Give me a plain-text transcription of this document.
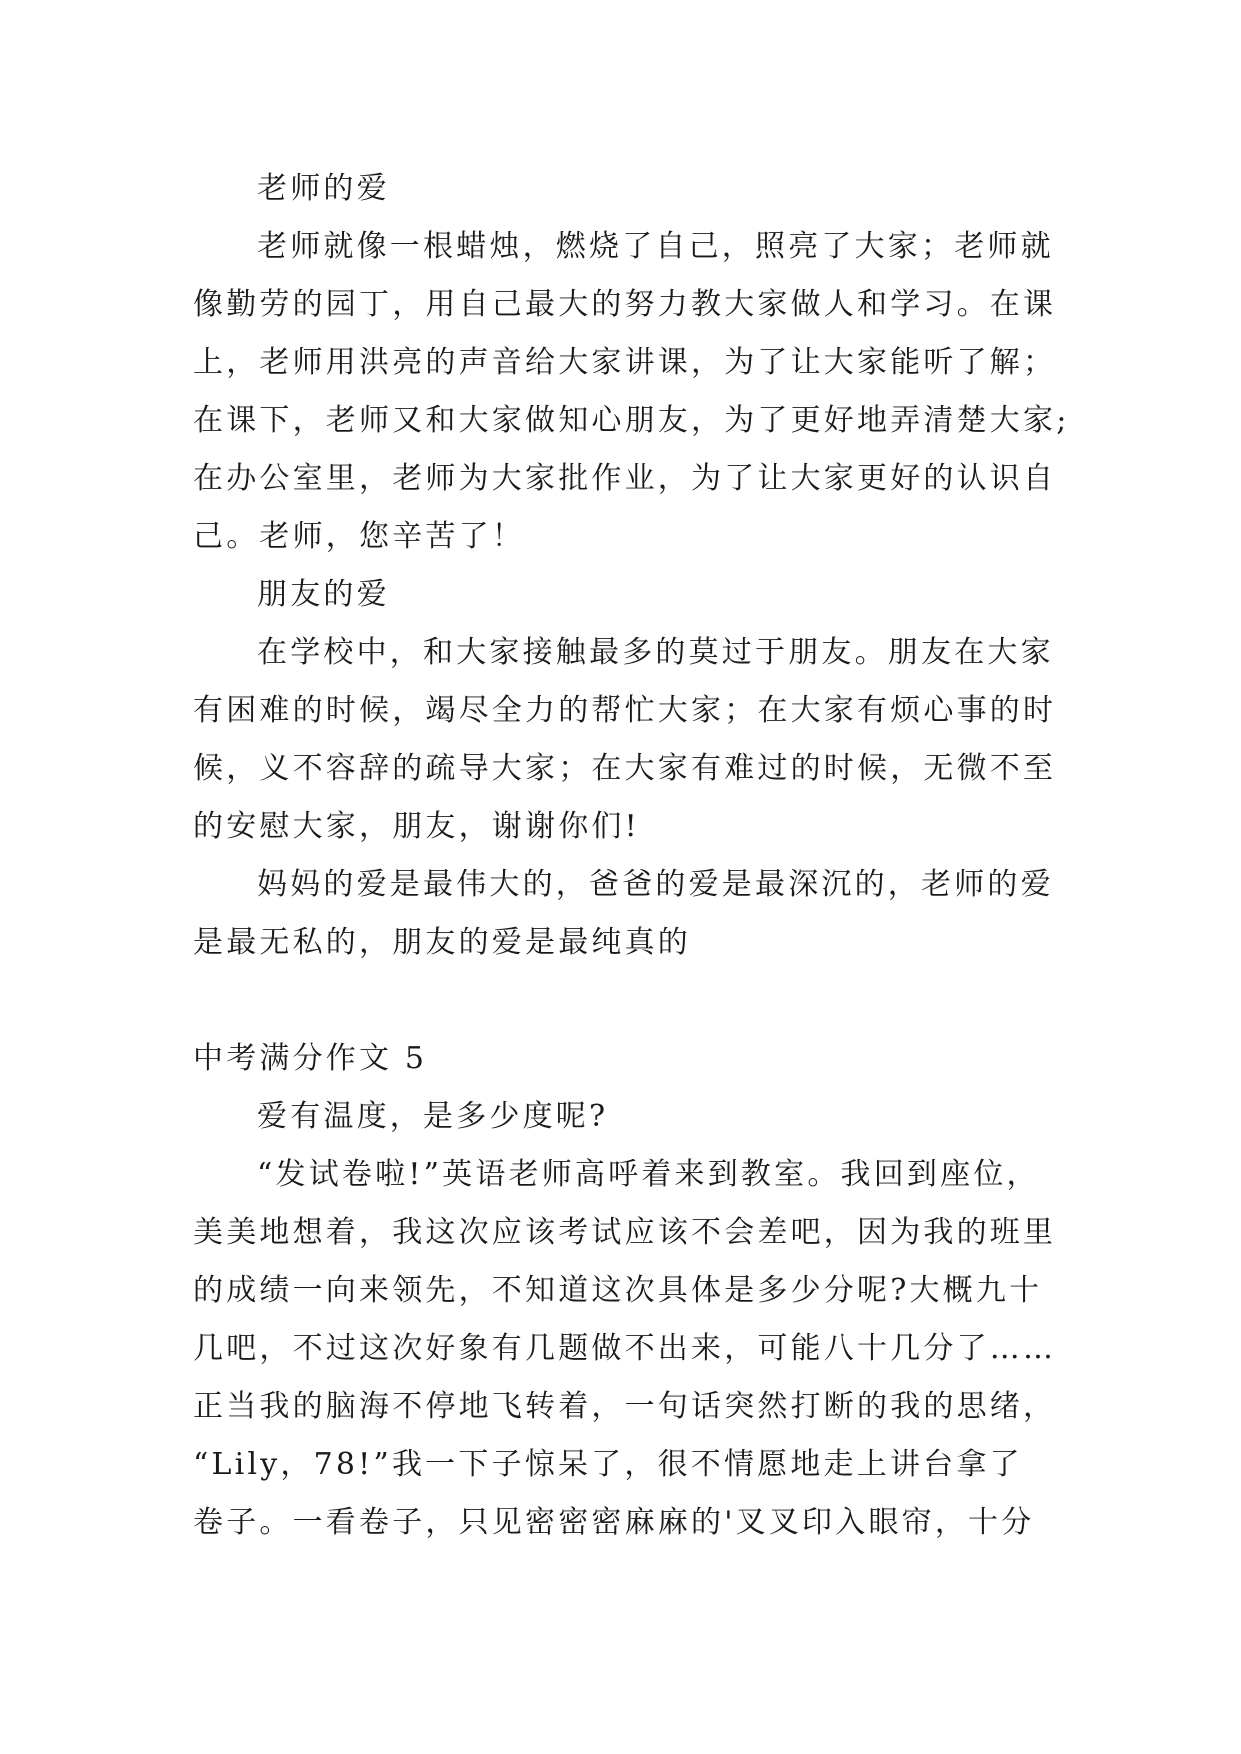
老师的爱
老师就像一根蜡烛，燃烧了自己，照亮了大家；老师就
像勤劳的园丁，用自己最大的努力教大家做人和学习。在课
上，老师用洪亮的声音给大家讲课，为了让大家能听了解；
在课下，老师又和大家做知心朋友，为了更好地弄清楚大家;
在办公室里，老师为大家批作业，为了让大家更好的认识自
己。老师，您辛苦了！
朋友的爱
在学校中，和大家接触最多的莫过于朋友。朋友在大家
有困难的时候，竭尽全力的帮忙大家；在大家有烦心事的时
候，义不容辞的疏导大家；在大家有难过的时候，无微不至
的安慰大家，朋友，谢谢你们!
妈妈的爱是最伟大的，爸爸的爱是最深沉的，老师的爱
是最无私的，朋友的爱是最纯真的
中考满分作文 5
爱有温度，是多少度呢?
“发试卷啦!”英语老师高呼着来到教室。我回到座位，
美美地想着，我这次应该考试应该不会差吧，因为我的班里
的成绩一向来领先，不知道这次具体是多少分呢?大概九十
几吧，不过这次好象有几题做不出来，可能八十几分了……
正当我的脑海不停地飞转着，一句话突然打断的我的思绪，
“Lily，78!”我一下子惊呆了，很不情愿地走上讲台拿了
卷子。一看卷子，只见密密密麻麻的'叉叉印入眼帘，十分
